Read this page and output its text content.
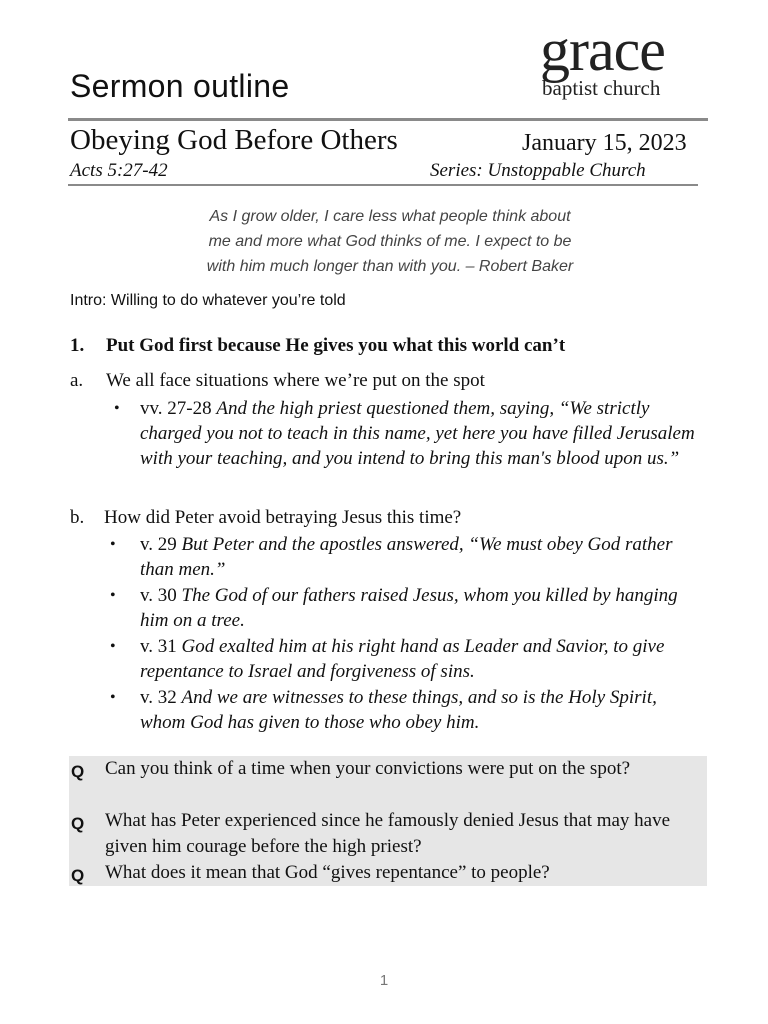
Sermon outline
grace
baptist church
Obeying God Before Others	January 15, 2023
Acts 5:27-42	Series: Unstoppable Church
As I grow older, I care less what people think about
me and more what God thinks of me. I expect to be
with him much longer than with you. – Robert Baker
Intro: Willing to do whatever you’re told
1. Put God first because He gives you what this world can’t
a. We all face situations where we’re put on the spot
• vv. 27-28 And the high priest questioned them, saying, “We strictly charged you not to teach in this name, yet here you have filled Jerusalem with your teaching, and you intend to bring this man's blood upon us.”
b. How did Peter avoid betraying Jesus this time?
• v. 29 But Peter and the apostles answered, “We must obey God rather than men.”
• v. 30 The God of our fathers raised Jesus, whom you killed by hanging him on a tree.
• v. 31 God exalted him at his right hand as Leader and Savior, to give repentance to Israel and forgiveness of sins.
• v. 32 And we are witnesses to these things, and so is the Holy Spirit, whom God has given to those who obey him.
Q Can you think of a time when your convictions were put on the spot?
Q What has Peter experienced since he famously denied Jesus that may have given him courage before the high priest?
Q What does it mean that God “gives repentance” to people?
1
